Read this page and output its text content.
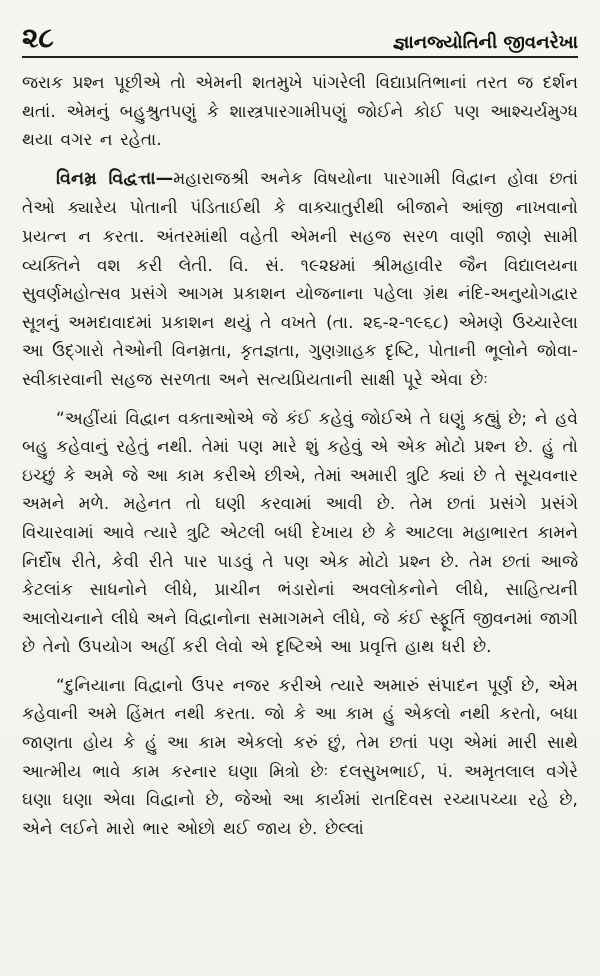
૨૮	જ્ઞાનજ્યોતિની જીવનરેખા

જરાક પ્રશ્ન પૂછીએ તો એમની શતમુખે પાંગરેલી વિદ્યાપ્રતિભાનાં તરત જ દર્શન થતાં. એમનું બહુશ્રુતપણું કે શાસ્ત્રપારગામીપણું જોઈને કોઈ પણ આશ્ચર્યમુગ્ધ થયા વગર ન રહેતા.

વિનમ્ર વિદ્વત્તા—મહારાજશ્રી અનેક વિષયોના પારગામી વિદ્વાન હોવા છતાં તેઓ ક્યારેય પોતાની પંડિતાઈથી કે વાક્ચાતુરીથી બીજાને આંજી નાખવાનો પ્રયત્ન ન કરતા. અંતરમાંથી વહેતી એમની સહજ સરળ વાણી જાણે સામી વ્યક્તિને વશ કરી લેતી. વિ. સં. ૧૯૨૪માં શ્રીમહાવીર જૈન વિદ્યાલયના સુવર્ણમહોત્સવ પ્રસંગે આગમ પ્રકાશન યોજનાના પહેલા ગ્રંથ નંદિ-અનુયોગદ્વાર સૂત્રનું અમદાવાદમાં પ્રકાશન થયું તે વખતે (તા. ૨૬-૨-૧૯૬૮) એમણે ઉચ્ચારેલા આ ઉદ્ગારો તેઓની વિનમ્રતા, કૃતજ્ઞતા, ગુણગ્રાહક દૃષ્ટિ, પોતાની ભૂલોને જોવા-સ્વીકારવાની સહજ સરળતા અને સત્યપ્રિયતાની સાક્ષી પૂરે એવા છેઃ

“અહીંયાં વિદ્વાન વક્તાઓએ જે કંઈ કહેવું જોઈએ તે ઘણું કહ્યું છે; ને હવે બહુ કહેવાનું રહેતું નથી. તેમાં પણ મારે શું કહેવું એ એક મોટો પ્રશ્ન છે. હું તો ઇચ્છું કે અમે જે આ કામ કરીએ છીએ, તેમાં અમારી ત્રુટિ ક્યાં છે તે સૂચવનાર અમને મળે. મહેનત તો ઘણી કરવામાં આવી છે. તેમ છતાં પ્રસંગે પ્રસંગે વિચારવામાં આવે ત્યારે ત્રુટિ એટલી બધી દેખાય છે કે આટલા મહાભારત કામને નિર્દોષ રીતે, કેવી રીતે પાર પાડવું તે પણ એક મોટો પ્રશ્ન છે. તેમ છતાં આજે કેટલાંક સાધનોને લીધે, પ્રાચીન ભંડારોનાં અવલોકનોને લીધે, સાહિત્યની આલોચનાને લીધે અને વિદ્વાનોના સમાગમને લીધે, જે કંઈ સ્ફૂર્તિ જીવનમાં જાગી છે તેનો ઉપયોગ અહીં કરી લેવો એ દૃષ્ટિએ આ પ્રવૃત્તિ હાથ ધરી છે.

“દુનિયાના વિદ્વાનો ઉપર નજર કરીએ ત્યારે અમારું સંપાદન પૂર્ણ છે, એમ કહેવાની અમે હિંમત નથી કરતા. જો કે આ કામ હું એકલો નથી કરતો, બધા જાણતા હોય કે હું આ કામ એકલો કરું છું, તેમ છતાં પણ એમાં મારી સાથે આત્મીય ભાવે કામ કરનાર ઘણા મિત્રો છેઃ દલસુખભાઈ, પં. અમૃતલાલ વગેરે ઘણા ઘણા એવા વિદ્વાનો છે, જેઓ આ કાર્યમાં રાતદિવસ રચ્યાપચ્યા રહે છે, એને લઈને મારો ભાર ઓછો થઈ જાય છે. છેલ્લાં
